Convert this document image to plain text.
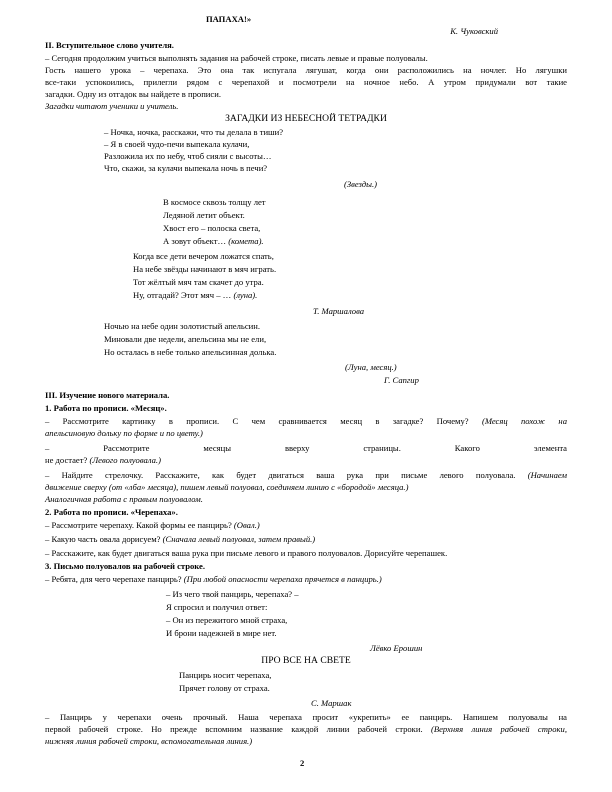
ПАПАХА!»
К. Чуковский
II. Вступительное слово учителя.
– Сегодня продолжим учиться выполнять задания на рабочей строке, писать левые и правые полуовалы.
Гость нашего урока – черепаха. Это она так испугала лягушат, когда они расположились на ночлег. Но лягушки
все-таки успокоились, прилегли рядом с черепахой и посмотрели на ночное небо. А утром придумали вот такие
загадки. Одну из отгадок вы найдете в прописи.
Загадки читают ученики и учитель.
ЗАГАДКИ ИЗ НЕБЕСНОЙ ТЕТРАДКИ
– Ночка, ночка, расскажи, что ты делала в тиши?
– Я в своей чудо-печи выпекала кулачи,
Разложила их по небу, чтоб сияли с высоты…
Что, скажи, за кулачи выпекала ночь в печи?
(Звезды.)
В космосе сквозь толщу лет
Ледяной летит объект.
Хвост его – полоска света,
А зовут объект… (комета).
Когда все дети вечером ложатся спать,
На небе звёзды начинают в мяч играть.
Тот жёлтый мяч там скачет до утра.
Ну, отгадай? Этот мяч – … (луна).
Т. Маршалова
Ночью на небе один золотистый апельсин.
Миновали две недели, апельсина мы не ели,
Но осталась в небе только апельсинная долька.
(Луна, месяц.)
Г. Сапгир
III. Изучение нового материала.
1. Работа по прописи. «Месяц».
– Рассмотрите картинку в прописи. С чем сравнивается месяц в загадке? Почему? (Месяц похож на
апельсиновую дольку по форме и по цвету.)
– Рассмотрите месяцы вверху страницы. Какого элемента
не достает? (Левого полуовала.)
– Найдите стрелочку. Расскажите, как будет двигаться ваша рука при письме левого полуовала. (Начинаем
движение сверху (от «лба» месяца), пишем левый полуовал, соединяем линию с «бородой» месяца.)
Аналогичная работа с правым полуовалом.
2. Работа по прописи. «Черепаха».
– Рассмотрите черепаху. Какой формы ее панцирь? (Овал.)
– Какую часть овала дорисуем? (Сначала левый полуовал, затем правый.)
– Расскажите, как будет двигаться ваша рука при письме левого и правого полуовалов. Дорисуйте черепашек.
3. Письмо полуовалов на рабочей строке.
– Ребята, для чего черепахе панцирь? (При любой опасности черепаха прячется в панцирь.)
– Из чего твой панцирь, черепаха? –
Я спросил и получил ответ:
– Он из пережитого мной страха,
И брони надежней в мире нет.
Лёвко Ерошин
ПРО ВСЕ НА СВЕТЕ
Панцирь носит черепаха,
Прячет голову от страха.
С. Маршак
– Панцирь у черепахи очень прочный. Наша черепаха просит «укрепить» ее панцирь. Напишем полуовалы на
первой рабочей строке. Но прежде вспомним название каждой линии рабочей строки. (Верхняя линия рабочей строки,
нижняя линия рабочей строки, вспомогательная линия.)
2
